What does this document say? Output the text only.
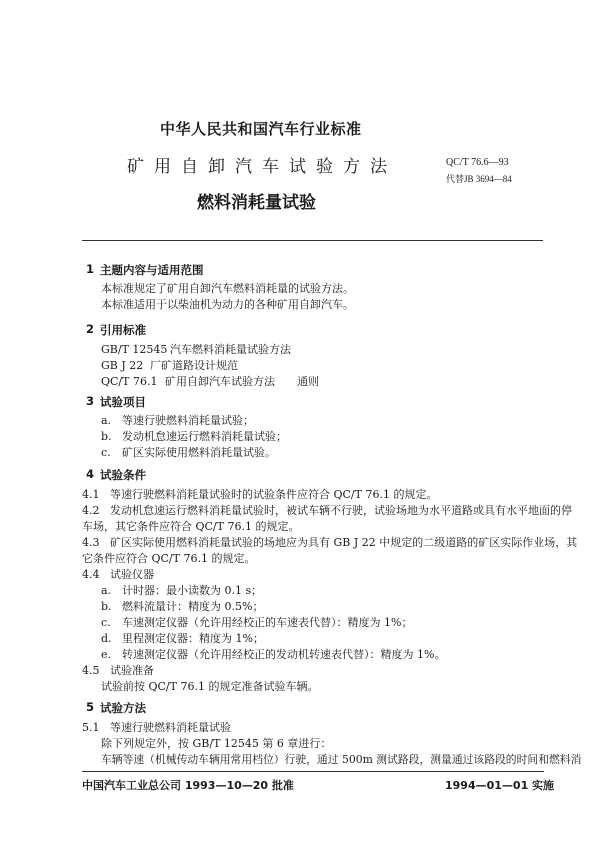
中华人民共和国汽车行业标准
矿用自卸汽车试验方法
燃料消耗量试验
QC/T 76.6—93
代替JB 3694—84
1 主题内容与适用范围
本标准规定了矿用自卸汽车燃料消耗量的试验方法。
本标准适用于以柴油机为动力的各种矿用自卸汽车。
2 引用标准
GB/T 12545 汽车燃料消耗量试验方法
GB J 22 厂矿道路设计规范
QC/T 76.1 矿用自卸汽车试验方法　　通则
3 试验项目
a. 等速行驶燃料消耗量试验；
b. 发动机怠速运行燃料消耗量试验；
c. 矿区实际使用燃料消耗量试验。
4 试验条件
4.1 等速行驶燃料消耗量试验时的试验条件应符合 QC/T 76.1 的规定。
4.2 发动机怠速运行燃料消耗量试验时，被试车辆不行驶，试验场地为水平道路或具有水平地面的停
车场，其它条件应符合 QC/T 76.1 的规定。
4.3 矿区实际使用燃料消耗量试验的场地应为具有 GB J 22 中规定的二级道路的矿区实际作业场，其
它条件应符合 QC/T 76.1 的规定。
4.4 试验仪器
a. 计时器：最小读数为 0.1 s；
b. 燃料流量计：精度为 0.5%；
c. 车速测定仪器（允许用经校正的车速表代替）：精度为 1%；
d. 里程测定仪器：精度为 1%；
e. 转速测定仪器（允许用经校正的发动机转速表代替）：精度为 1%。
4.5 试验准备
试验前按 QC/T 76.1 的规定准备试验车辆。
5 试验方法
5.1 等速行驶燃料消耗量试验
除下列规定外，按 GB/T 12545 第 6 章进行：
车辆等速（机械传动车辆用常用档位）行驶，通过 500m 测试路段，测量通过该路段的时间和燃料消
中国汽车工业总公司 1993—10—20 批准	1994—01—01 实施
